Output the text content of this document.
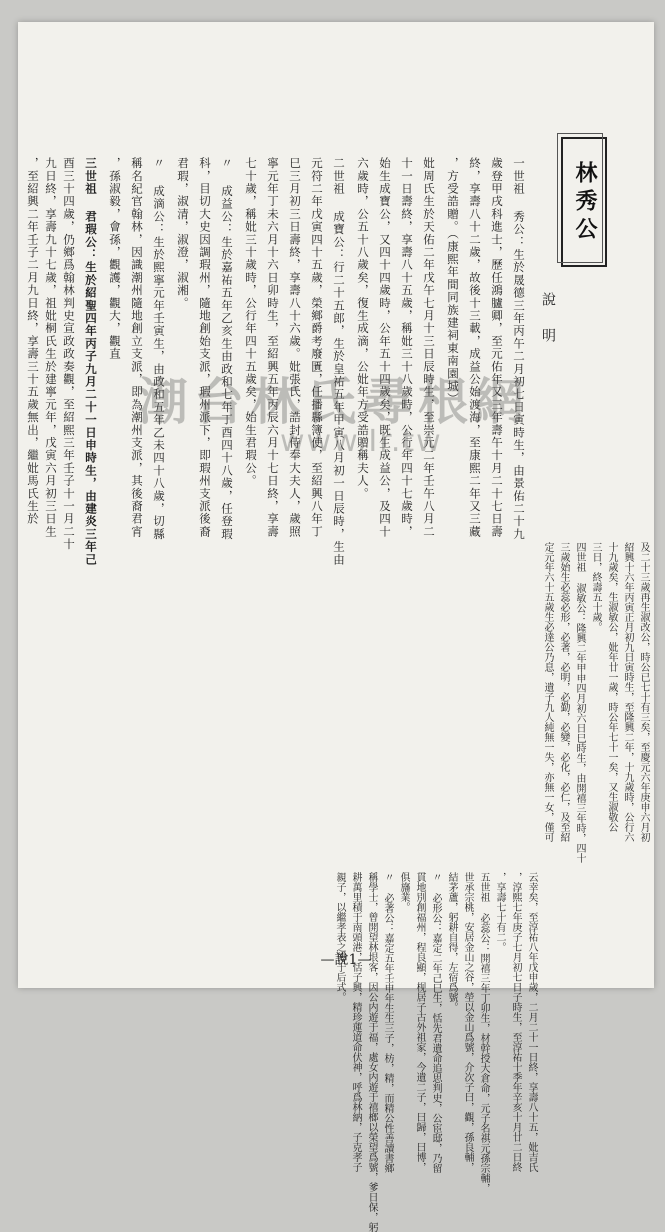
林秀公
說明
一世祖 秀公：生於晟德三年丙午二月初七日寅時生，由景佑二十九
歲登甲戌科進士，歷任鴻臚卿，至元佑年又三年壽午十月二十七日壽
終，享壽八十二歲，故後十三載，成益公始渡海，至康熙二年又三藏
，方受誥贈。（康熙年間同族建祠東南園城）
妣周氏生於天佑二年戊午七月十三日辰時生，至崇元二年壬午八月二
十一日壽終，享壽八十五歲，稱妣三十八歲時，公行年四十七歲時，
始生成寶公，又四十四歲時，公年五十四歲矣，既生成益公，及四十
六歲時，公五十八歲矣，復生成滴，公妣年方受誥贈稱夫人。
二世祖 成寶公：行二十五郎，生於皇祐五年甲寅八月初一日辰時，生由
元符二年戊寅四十五歲，榮鄉爵考廢匱，任播縣簿使，至紹興八年丁
巳三月初三日壽終，享壽八十六歲。妣張氏，誥封侍奉大夫人，歲照
寧元年丁未六月十六日卯時生，至紹興五年丙辰六月十七日終，享壽
七十歲，稱妣三十歲時，公行年四十五歲矣，始生君瑕公。
〃 成益公：生於嘉祐五年乙亥生由政和七年丁酉四十八歲，任登瑕
科，目切大史因調瑕州，隨地創始支派，瑕州派下，即瑕州支派後裔
君瑕，淑清，淑澄，淑湘。
〃 成滴公：生於熙寧元年壬寅生，由政和五年乙未四十八歲，切縣
稱名紀官翰林，因識潮州隨地創立支派，即為潮州支派，其後裔君宵
，孫淑毅，會孫，觀護，觀大，觀直
三世祖 君瑕公：生於紹聖四年丙子九月二十一日申時生，由建炎三年己
酉三十四歲，仍鄉爲翰林判史宣政政奏觀，至紹熙三年壬子十一月二十
九日終，享壽九十七歲，祖妣桐氏生於建寧元年，戊寅六月初三日生
，至紹興二年壬子二月九日終，享壽三十五歲無出，繼妣馬氏生於
紹興十六年丙寅正月初九日寅時生，至隆興二年，十九歲時，公行六
十九歲矣，生淑敏公，妣年廿一歲，時公年七十一矣，又生淑敬公	及二十三歲再生淑改公，時公已七十有三矣，至慶元六年庚申六月初
三日，終壽五十歲。
四世祖 淑敏公：隆興二年甲申四月初六日巳時生，由開禧三年時，四十
三歲始生必蕊必形，必著，必明，必勤，必變，必化，必仁，及至紹
定元年六十五歲生必達公乃息，遺子九人純無一失，亦無一女，僅可
云幸矣，至淳祐八年戊申歲，二月二十一日終，享壽八十五，妣吉氏
，淳熙七年庚子七月初七日子時生，至淳祐十季年辛亥十月廿二日終
，享壽七十有二。
五世祖 必蕊公：開禧三年丁卯生，材幹授大倉命，元子名祺元孫宗輔，
世承宗桃，安居金山之谷，塋以金山爲號，介次子曰，觀，孫良輔，
結茅蘆，躬耕自得，左宿爲號。
〃 必形公：嘉定二年己巳生，恬先君遺命追思判史，公宦邸，乃留
貫地別創福州，程良顯，枧居子古外祖家，今遺二子，曰歸，曰博，
俱旛業。
〃 必著公：嘉定五年壬申年生生三子，枋，精，而精公性善讀書鄉
稱學士，曾開望林垠客，因公内遊于福，處女内遊于禧榔以榮望爲號，爹日保，躬
耕萬里積于南頭港，恬子興，精珍蓮道命伏神，呼爲林納，子克孝子
親子，以繼孝表之傳于后式。
潮台林氏尋根網
www.Ir.tw
—說1—
